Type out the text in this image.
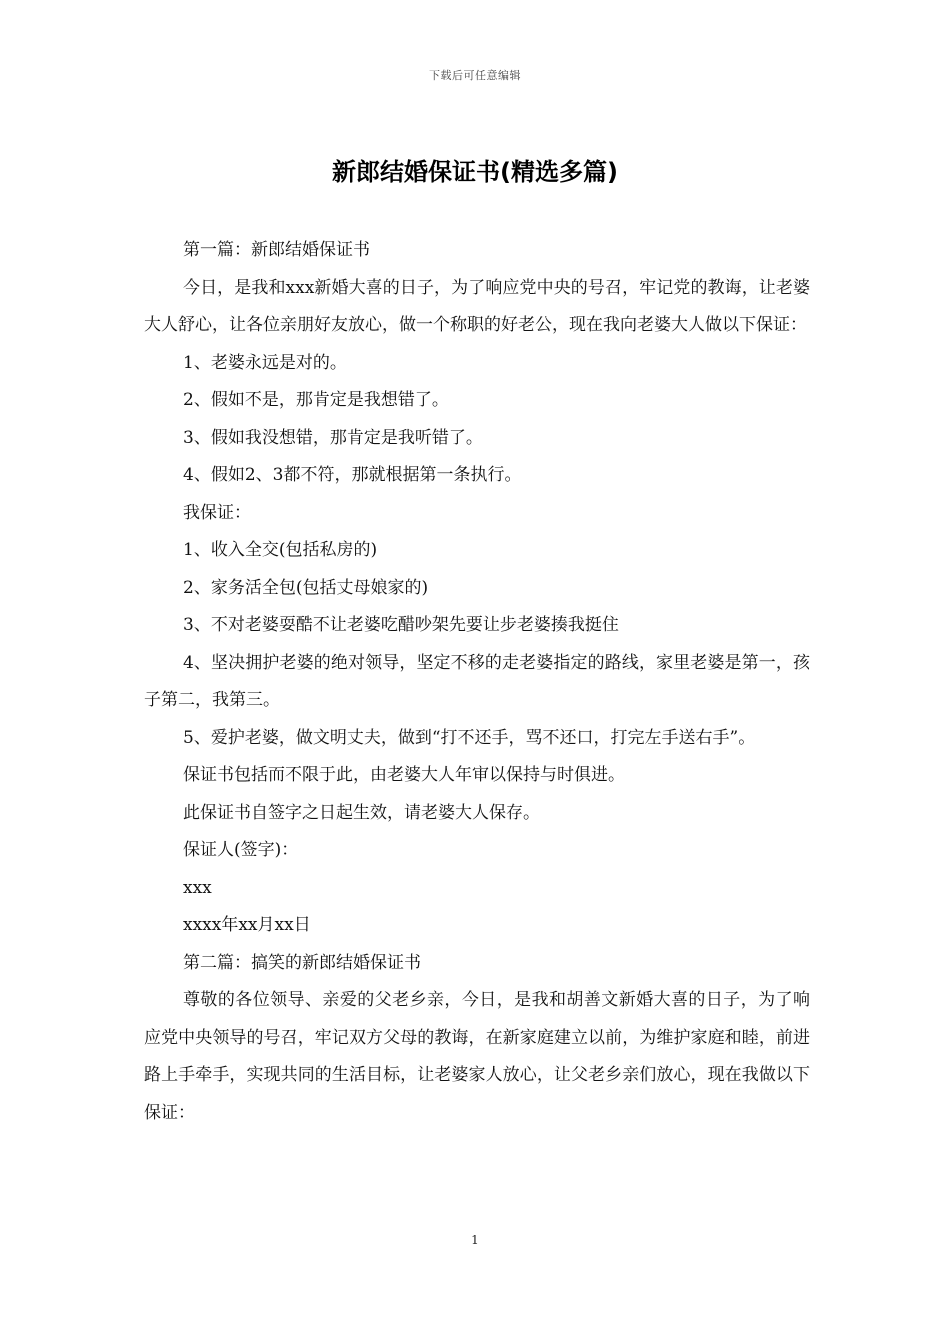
下载后可任意编辑
新郎结婚保证书(精选多篇)

第一篇：新郎结婚保证书

今日，是我和xxx新婚大喜的日子，为了响应党中央的号召，牢记党的教诲，让老婆大人舒心，让各位亲朋好友放心，做一个称职的好老公，现在我向老婆大人做以下保证：

1、老婆永远是对的。

2、假如不是，那肯定是我想错了。

3、假如我没想错，那肯定是我听错了。

4、假如2、3都不符，那就根据第一条执行。

我保证：

1、收入全交(包括私房的)

2、家务活全包(包括丈母娘家的)

3、不对老婆耍酷不让老婆吃醋吵架先要让步老婆揍我挺住

4、坚决拥护老婆的绝对领导，坚定不移的走老婆指定的路线，家里老婆是第一，孩子第二，我第三。

5、爱护老婆，做文明丈夫，做到“打不还手，骂不还口，打完左手送右手”。

保证书包括而不限于此，由老婆大人年审以保持与时俱进。

此保证书自签字之日起生效，请老婆大人保存。

保证人(签字)：

xxx

xxxx年xx月xx日

第二篇：搞笑的新郎结婚保证书

尊敬的各位领导、亲爱的父老乡亲，今日，是我和胡善文新婚大喜的日子，为了响应党中央领导的号召，牢记双方父母的教诲，在新家庭建立以前，为维护家庭和睦，前进路上手牵手，实现共同的生活目标，让老婆家人放心，让父老乡亲们放心，现在我做以下保证：

1
